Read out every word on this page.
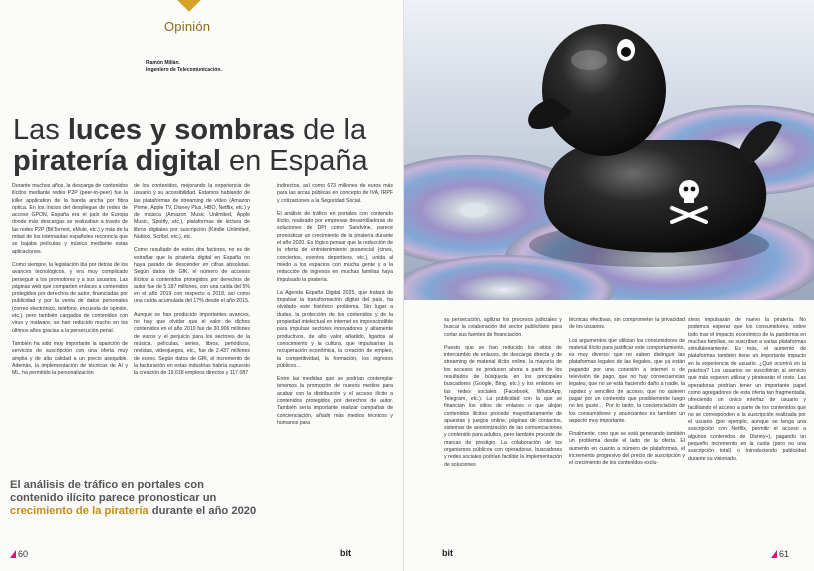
Opinión
Ramón Millán.
Ingeniero de Telecomunicación.
Las luces y sombras de la piratería digital en España

Durante muchos años, la descarga de contenidos ilícitos mediante redes P2P (peer-to-peer) fue la killer application de la banda ancha por fibra óptica. En los inicios del despliegue de redes de acceso GPON, España era el país de Europa donde más descargas se realizaban a través de las redes P2P (BitTorrent, eMule, etc.) y más de la mitad de los internautas españoles reconocía que se bajaba películas y música mediante estas aplicaciones.

Como siempre, la legislación iba por detrás de los avances tecnológicos, y era muy complicado perseguir a los promotores y a sus usuarios. Las páginas web que comparten enlaces a contenidos protegidos por derechos de autor, financiadas por publicidad y por la venta de datos personales (correo electrónico, teléfono, encuesta de opinión, etc.), pero también cargados de contenidos con virus y malware, se han reducido mucho en los últimos años gracias a la persecución penal.

También ha sido muy importante la aparición de servicios de suscripción con una oferta muy amplia y de alta calidad a un precio asequible. Además, la implementación de técnicas de AI y ML, ha permitido la personalización

de los contenidos, mejorando la experiencia de usuario y su accesibilidad. Estamos hablando de las plataformas de streaming de vídeo (Amazon Prime, Apple TV, Disney Plus, HBO, Netflix, etc.) y de música (Amazon Music Unlimited, Apple Music, Spotify, etc.), plataformas de lectura de libros digitales por suscripción (Kindle Unlimited, Nubico, Scribd, etc.), etc.

Como resultado de estos dos factores, no es de extrañar que la piratería digital en España no haya parado de descender en cifras absolutas. Según datos de GfK, el número de accesos ilícitos a contenidos protegidos por derechos de autor fue de 5.187 millones, con una caída del 5% en el año 2019 con respecto a 2018, así como una caída acumulada del 17% desde el año 2015.

Aunque se han producido importantes avances, no hay que olvidar que el valor de dichos contenidos en el año 2019 fue de 30.906 millones de euros y el perjuicio para los sectores de la música, películas, series, libros, periódicos, revistas, videojuegos, etc., fue de 2.437 millones de euros. Según datos de GfK, el incremento de la facturación en estas industrias habría supuesto la creación de 19.618 empleos directos y 117.087

indirectos, así como 673 millones de euros más para las arcas públicas en concepto de IVA, IRPF y cotizaciones a la Seguridad Social.

El análisis de tráfico en portales con contenido ilícito, realizado por empresas desarrolladoras de soluciones de DPI como Sandvine, parece pronosticar un crecimiento de la piratería durante el año 2020. Es lógico pensar que la reducción de la oferta de entretenimiento presencial (cines, conciertos, eventos deportivos, etc.), unida al miedo a los espacios con mucha gente y a la reducción de ingresos en muchas familias haya impulsado la piratería.

La Agenda España Digital 2025, que tratará de impulsar la transformación digital del país, ha olvidado este histórico problema. Sin lugar a dudas, la protección de los contenidos y de la propiedad intelectual en internet es imprescindible para impulsar sectores innovadores y altamente productivos, de alto valor añadido, ligados al conocimiento y la cultura, que impulsarían la recuperación económica, la creación de empleo, la competitividad, la formación, los ingresos públicos…

Entre las medidas que se podrían contemplar tenemos la promoción de nuevos medios para acabar con la distribución y el acceso ilícito a contenidos protegidos por derechos de autor. También sería importante realizar campañas de concienciación, añadir más medios técnicos y humanos para

El análisis de tráfico en portales con contenido ilícito parece pronosticar un crecimiento de la piratería durante el año 2020
60	bit

su persecución, agilizar los procesos judiciales y buscar la colaboración del sector publicitario para cortar sus fuentes de financiación.

Puesto que se han reducido los sitios de intercambio de enlaces, de descarga directa y de streaming de material ilícito online, la mayoría de los accesos se producen ahora a partir de los resultados de búsqueda en los principales buscadores (Google, Bing, etc.) y los enlaces en las redes sociales (Facebook, WhatsApp, Telegram, etc.). La publicidad con la que se financian los sitios de enlaces o que alojan contenidos ilícitos procede mayoritariamente de apuestas y juegos online, páginas de contactos, sistemas de anonimización de las comunicaciones y contenido para adultos, pero también procede de marcas de prestigio. La colaboración de los organismos públicos con operadoras, buscadores y redes sociales podrían facilitar la implementación de soluciones

técnicas efectivas, sin comprometer la privacidad de los usuarios.

Los argumentos que utilizan los consumidores de material ilícito para justificar este comportamiento, es muy diverso: que no saben distinguir las plataformas legales de las ilegales, que ya están pagando por una conexión a internet o de televisión de pago, que no hay consecuencias legales, que no se está haciendo daño a nadie, la rapidez y sencillez de acceso, que no quieren pagar por un contenido que posiblemente luego no les guste… Por lo tanto, la concienciación de los consumidores y anunciantes es también un aspecto muy importante.

Finalmente, creo que se está generando también un problema desde el lado de la oferta. El aumento en cuanto a número de plataformas, el incremento progresivo del precio de suscripción y el crecimiento de los contenidos exclu-

sivos impulsarán de nuevo la piratería. No podemos esperar que los consumidores, sobre todo tras el impacto económico de la pandemia en muchas familias, se suscriban a varias plataformas simultáneamente. Es más, el aumento de plataformas también tiene un importante impacto en la experiencia de usuario. ¿Qué ocurrirá en la práctica? Los usuarios se suscribirán al servicio que más esperen utilizar y piratearán el resto. Las operadoras podrían tener un importante papel como agregadores de esta oferta tan fragmentada, ofreciendo un único interfaz de usuario y facilitando el acceso a parte de los contenidos que no se corresponden a la suscripción realizada por el usuario (por ejemplo, aunque se tenga una suscripción con Netflix, permitir el acceso a algunos contenidos de Disney+), pagando un pequeño incremento en la cuota (pero no una suscripción total) o introduciendo publicidad durante su visionado.

bit	61
